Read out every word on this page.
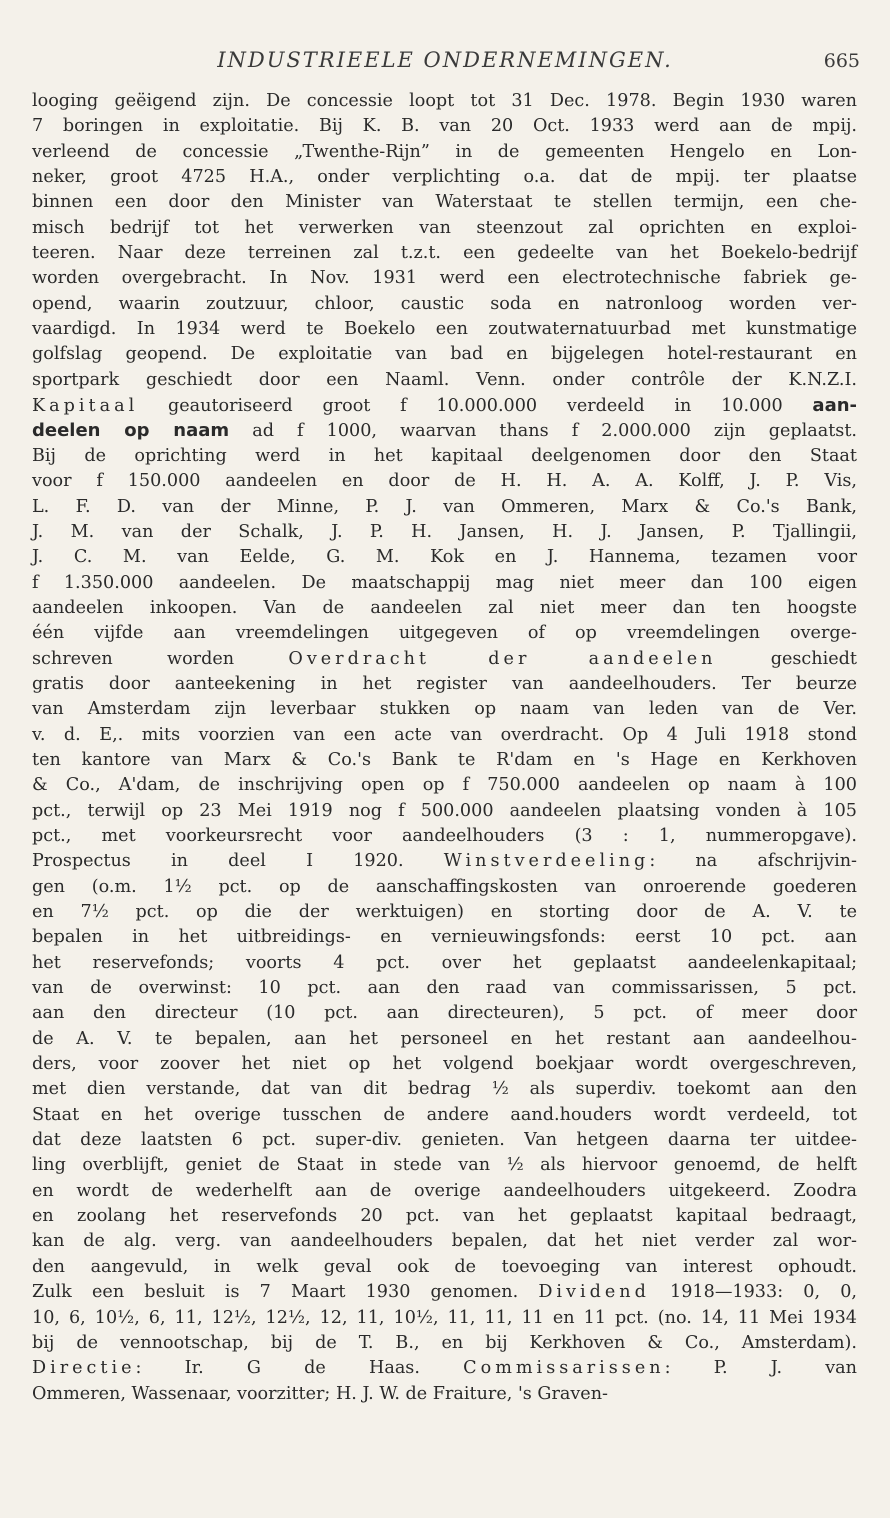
INDUSTRIEELE ONDERNEMINGEN.	665
looging geëigend zijn. De concessie loopt tot 31 Dec. 1978. Begin 1930 waren
7 boringen in exploitatie. Bij K. B. van 20 Oct. 1933 werd aan de mpij.
verleend de concessie „Twenthe-Rijn” in de gemeenten Hengelo en Lon-
neker, groot 4725 H.A., onder verplichting o.a. dat de mpij. ter plaatse
binnen een door den Minister van Waterstaat te stellen termijn, een che-
misch bedrijf tot het verwerken van steenzout zal oprichten en exploi-
teeren. Naar deze terreinen zal t.z.t. een gedeelte van het Boekelo-bedrijf
worden overgebracht. In Nov. 1931 werd een electrotechnische fabriek ge-
opend, waarin zoutzuur, chloor, caustic soda en natronloog worden ver-
vaardigd. In 1934 werd te Boekelo een zoutwaternatuurbad met kunstmatige
golfslag geopend. De exploitatie van bad en bijgelegen hotel-restaurant en
sportpark geschiedt door een Naaml. Venn. onder contrôle der K.N.Z.I.
Kapitaal geautoriseerd groot f 10.000.000 verdeeld in 10.000 aan-
deelen op naam ad f 1000, waarvan thans f 2.000.000 zijn geplaatst.
Bij de oprichting werd in het kapitaal deelgenomen door den Staat
voor f 150.000 aandeelen en door de H. H. A. A. Kolff, J. P. Vis,
L. F. D. van der Minne, P. J. van Ommeren, Marx & Co.'s Bank,
J. M. van der Schalk, J. P. H. Jansen, H. J. Jansen, P. Tjallingii,
J. C. M. van Eelde, G. M. Kok en J. Hannema, tezamen voor
f 1.350.000 aandeelen. De maatschappij mag niet meer dan 100 eigen
aandeelen inkoopen. Van de aandeelen zal niet meer dan ten hoogste
één vijfde aan vreemdelingen uitgegeven of op vreemdelingen overge-
schreven worden Overdracht der aandeelen geschiedt
gratis door aanteekening in het register van aandeelhouders. Ter beurze
van Amsterdam zijn leverbaar stukken op naam van leden van de Ver.
v. d. E,. mits voorzien van een acte van overdracht. Op 4 Juli 1918 stond
ten kantore van Marx & Co.'s Bank te R'dam en 's Hage en Kerkhoven
& Co., A'dam, de inschrijving open op f 750.000 aandeelen op naam à 100
pct., terwijl op 23 Mei 1919 nog f 500.000 aandeelen plaatsing vonden à 105
pct., met voorkeursrecht voor aandeelhouders (3 : 1, nummeropgave).
Prospectus in deel I 1920. Winstverdeeling: na afschrijvin-
gen (o.m. 1½ pct. op de aanschaffingskosten van onroerende goederen
en 7½ pct. op die der werktuigen) en storting door de A. V. te
bepalen in het uitbreidings- en vernieuwingsfonds: eerst 10 pct. aan
het reservefonds; voorts 4 pct. over het geplaatst aandeelenkapitaal;
van de overwinst: 10 pct. aan den raad van commissarissen, 5 pct.
aan den directeur (10 pct. aan directeuren), 5 pct. of meer door
de A. V. te bepalen, aan het personeel en het restant aan aandeelhou-
ders, voor zoover het niet op het volgend boekjaar wordt overgeschreven,
met dien verstande, dat van dit bedrag ½ als superdiv. toekomt aan den
Staat en het overige tusschen de andere aand.houders wordt verdeeld, tot
dat deze laatsten 6 pct. super-div. genieten. Van hetgeen daarna ter uitdee-
ling overblijft, geniet de Staat in stede van ½ als hiervoor genoemd, de helft
en wordt de wederhelft aan de overige aandeelhouders uitgekeerd. Zoodra
en zoolang het reservefonds 20 pct. van het geplaatst kapitaal bedraagt,
kan de alg. verg. van aandeelhouders bepalen, dat het niet verder zal wor-
den aangevuld, in welk geval ook de toevoeging van interest ophoudt.
Zulk een besluit is 7 Maart 1930 genomen. Dividend 1918—1933: 0, 0,
10, 6, 10½, 6, 11, 12½, 12½, 12, 11, 10½, 11, 11, 11 en 11 pct. (no. 14, 11 Mei 1934
bij de vennootschap, bij de T. B., en bij Kerkhoven & Co., Amsterdam).
Directie: Ir. G de Haas. Commissarissen: P. J. van
Ommeren, Wassenaar, voorzitter; H. J. W. de Fraiture, 's Graven-
